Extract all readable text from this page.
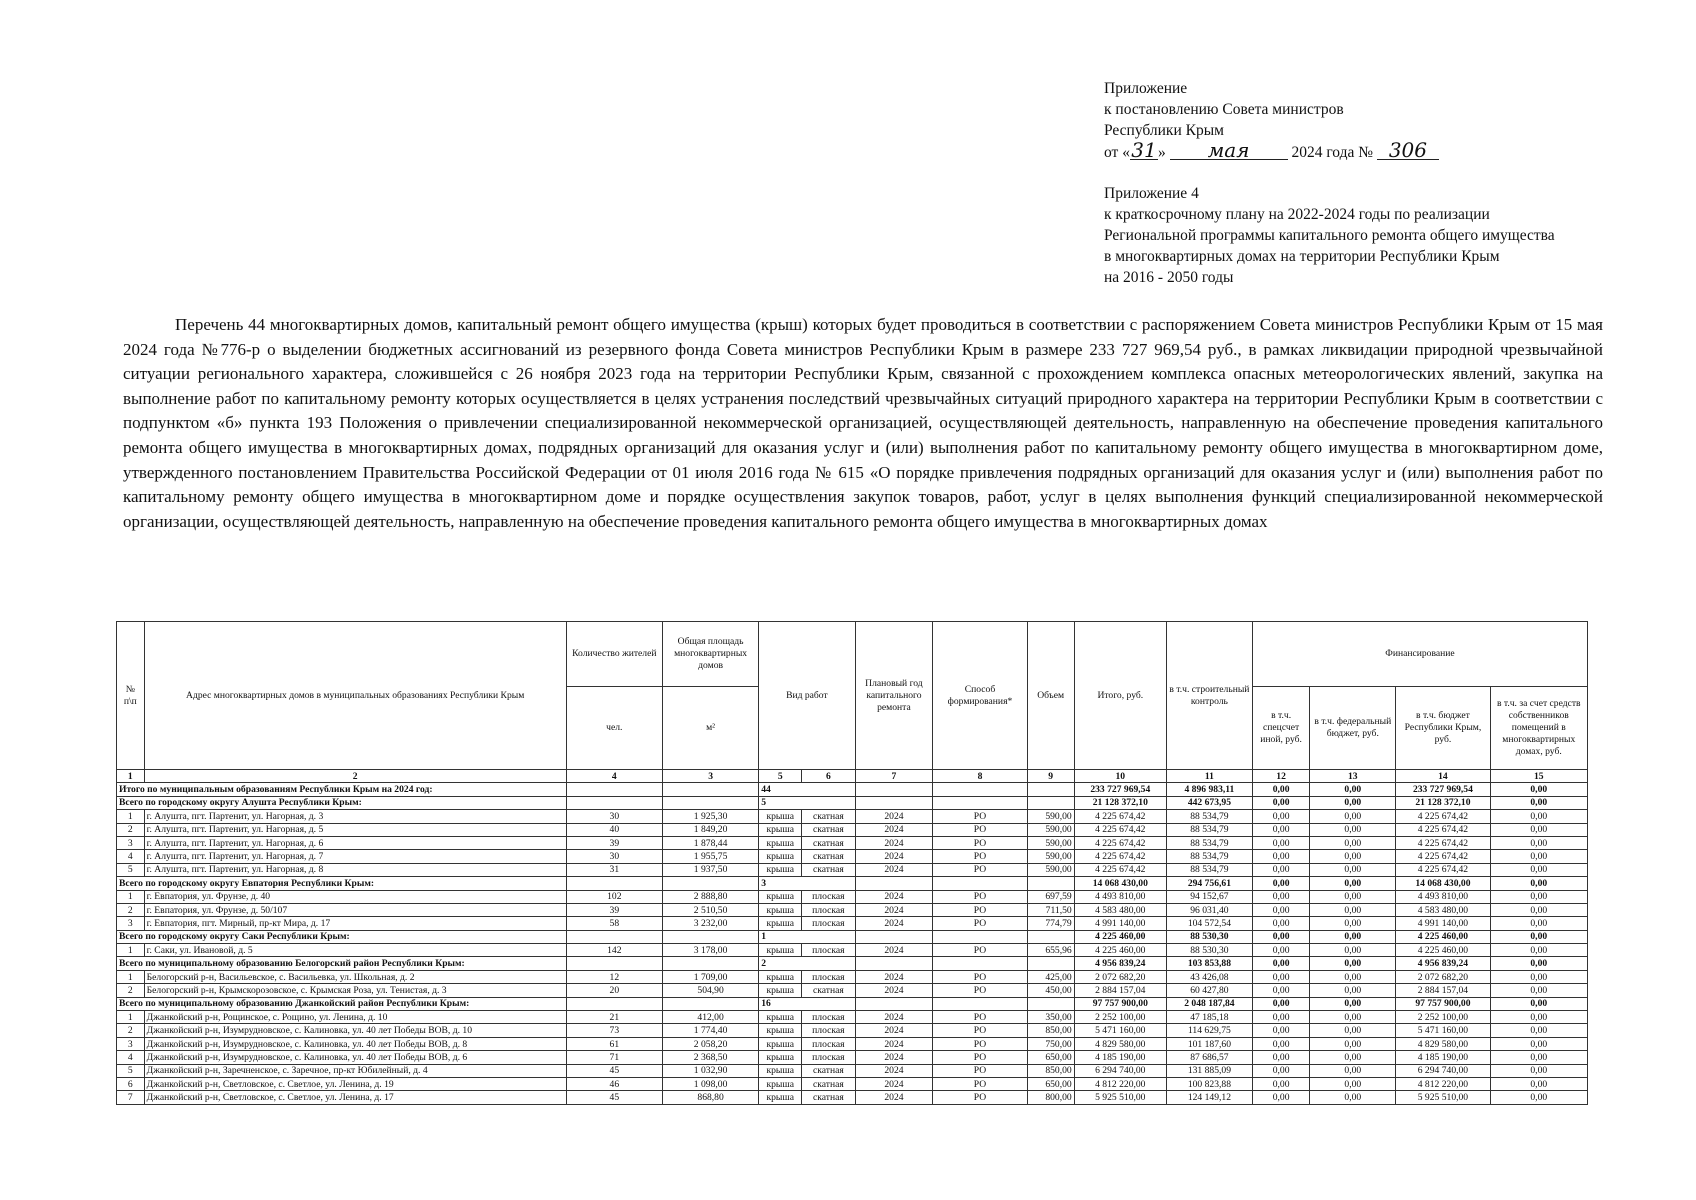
Приложение
к постановлению Совета министров
Республики Крым
от «31» мая	2024 года № 306
Приложение 4
к краткосрочному плану на 2022-2024 годы по реализации
Региональной программы капитального ремонта общего имущества
в многоквартирных домах на территории Республики Крым
на 2016 - 2050 годы
Перечень 44 многоквартирных домов, капитальный ремонт общего имущества (крыш) которых будет проводиться в соответствии с распоряжением Совета министров Республики Крым от 15 мая 2024 года №776-р о выделении бюджетных ассигнований из резервного фонда Совета министров Республики Крым в размере 233 727 969,54 руб., в рамках ликвидации природной чрезвычайной ситуации регионального характера, сложившейся с 26 ноября 2023 года на территории Республики Крым, связанной с прохождением комплекса опасных метеорологических явлений, закупка на выполнение работ по капитальному ремонту которых осуществляется в целях устранения последствий чрезвычайных ситуаций природного характера на территории Республики Крым в соответствии с подпунктом «б» пункта 193 Положения о привлечении специализированной некоммерческой организацией, осуществляющей деятельность, направленную на обеспечение проведения капитального ремонта общего имущества в многоквартирных домах, подрядных организаций для оказания услуг и (или) выполнения работ по капитальному ремонту общего имущества в многоквартирном доме, утвержденного постановлением Правительства Российской Федерации от 01 июля 2016 года № 615 «О порядке привлечения подрядных организаций для оказания услуг и (или) выполнения работ по капитальному ремонту общего имущества в многоквартирном доме и порядке осуществления закупок товаров, работ, услуг в целях выполнения функций специализированной некоммерческой организации, осуществляющей деятельность, направленную на обеспечение проведения капитального ремонта общего имущества в многоквартирных домах
№ п\п	Адрес многоквартирных домов в муниципальных образованиях Республики Крым	Количество жителей	Общая площадь многоквартирных домов	Вид работ		Плановый год капитального ремонта	Способ формирования*	Объем	Итого, руб.	в т.ч. строительный контроль	Финансирование			
		чел.	м²								в т.ч. спецсчет иной, руб.	в т.ч. федеральный бюджет, руб.	в т.ч. бюджет Республики Крым, руб.	в т.ч. за счет средств собственников помещений в многоквартирных домах, руб.
1	2	4	3	5	6	7	8	9	10	11	12	13	14	15
Итого по муниципальным образованиям Республики Крым на 2024 год:				44					233 727 969,54	4 896 983,11	0,00	0,00	233 727 969,54	0,00
Всего по городскому округу Алушта Республики Крым:				5					21 128 372,10	442 673,95	0,00	0,00	21 128 372,10	0,00
1	г. Алушта, пгт. Партенит, ул. Нагорная, д. 3	30	1 925,30	крыша	скатная	2024	РО	590,00	4 225 674,42	88 534,79	0,00	0,00	4 225 674,42	0,00
2	г. Алушта, пгт. Партенит, ул. Нагорная, д. 5	40	1 849,20	крыша	скатная	2024	РО	590,00	4 225 674,42	88 534,79	0,00	0,00	4 225 674,42	0,00
3	г. Алушта, пгт. Партенит, ул. Нагорная, д. 6	39	1 878,44	крыша	скатная	2024	РО	590,00	4 225 674,42	88 534,79	0,00	0,00	4 225 674,42	0,00
4	г. Алушта, пгт. Партенит, ул. Нагорная, д. 7	30	1 955,75	крыша	скатная	2024	РО	590,00	4 225 674,42	88 534,79	0,00	0,00	4 225 674,42	0,00
5	г. Алушта, пгт. Партенит, ул. Нагорная, д. 8	31	1 937,50	крыша	скатная	2024	РО	590,00	4 225 674,42	88 534,79	0,00	0,00	4 225 674,42	0,00
Всего по городскому округу Евпатория Республики Крым:				3					14 068 430,00	294 756,61	0,00	0,00	14 068 430,00	0,00
1	г. Евпатория, ул. Фрунзе, д. 40	102	2 888,80	крыша	плоская	2024	РО	697,59	4 493 810,00	94 152,67	0,00	0,00	4 493 810,00	0,00
2	г. Евпатория, ул. Фрунзе, д. 50/107	39	2 510,50	крыша	плоская	2024	РО	711,50	4 583 480,00	96 031,40	0,00	0,00	4 583 480,00	0,00
3	г. Евпатория, пгт. Мирный, пр-кт Мира, д. 17	58	3 232,00	крыша	плоская	2024	РО	774,79	4 991 140,00	104 572,54	0,00	0,00	4 991 140,00	0,00
Всего по городскому округу Саки Республики Крым:				1					4 225 460,00	88 530,30	0,00	0,00	4 225 460,00	0,00
1	г. Саки, ул. Ивановой, д. 5	142	3 178,00	крыша	плоская	2024	РО	655,96	4 225 460,00	88 530,30	0,00	0,00	4 225 460,00	0,00
Всего по муниципальному образованию Белогорский район Республики Крым:				2					4 956 839,24	103 853,88	0,00	0,00	4 956 839,24	0,00
1	Белогорский р-н, Васильевское, с. Васильевка, ул. Школьная, д. 2	12	1 709,00	крыша	плоская	2024	РО	425,00	2 072 682,20	43 426,08	0,00	0,00	2 072 682,20	0,00
2	Белогорский р-н, Крымскорозовское, с. Крымская Роза, ул. Тенистая, д. 3	20	504,90	крыша	скатная	2024	РО	450,00	2 884 157,04	60 427,80	0,00	0,00	2 884 157,04	0,00
Всего по муниципальному образованию Джанкойский район Республики Крым:				16					97 757 900,00	2 048 187,84	0,00	0,00	97 757 900,00	0,00
1	Джанкойский р-н, Рощинское, с. Рощино, ул. Ленина, д. 10	21	412,00	крыша	плоская	2024	РО	350,00	2 252 100,00	47 185,18	0,00	0,00	2 252 100,00	0,00
2	Джанкойский р-н, Изумрудновское, с. Калиновка, ул. 40 лет Победы ВОВ, д. 10	73	1 774,40	крыша	плоская	2024	РО	850,00	5 471 160,00	114 629,75	0,00	0,00	5 471 160,00	0,00
3	Джанкойский р-н, Изумрудновское, с. Калиновка, ул. 40 лет Победы ВОВ, д. 8	61	2 058,20	крыша	плоская	2024	РО	750,00	4 829 580,00	101 187,60	0,00	0,00	4 829 580,00	0,00
4	Джанкойский р-н, Изумрудновское, с. Калиновка, ул. 40 лет Победы ВОВ, д. 6	71	2 368,50	крыша	плоская	2024	РО	650,00	4 185 190,00	87 686,57	0,00	0,00	4 185 190,00	0,00
5	Джанкойский р-н, Заречненское, с. Заречное, пр-кт Юбилейный, д. 4	45	1 032,90	крыша	скатная	2024	РО	850,00	6 294 740,00	131 885,09	0,00	0,00	6 294 740,00	0,00
6	Джанкойский р-н, Светловское, с. Светлое, ул. Ленина, д. 19	46	1 098,00	крыша	скатная	2024	РО	650,00	4 812 220,00	100 823,88	0,00	0,00	4 812 220,00	0,00
7	Джанкойский р-н, Светловское, с. Светлое, ул. Ленина, д. 17	45	868,80	крыша	скатная	2024	РО	800,00	5 925 510,00	124 149,12	0,00	0,00	5 925 510,00	0,00
